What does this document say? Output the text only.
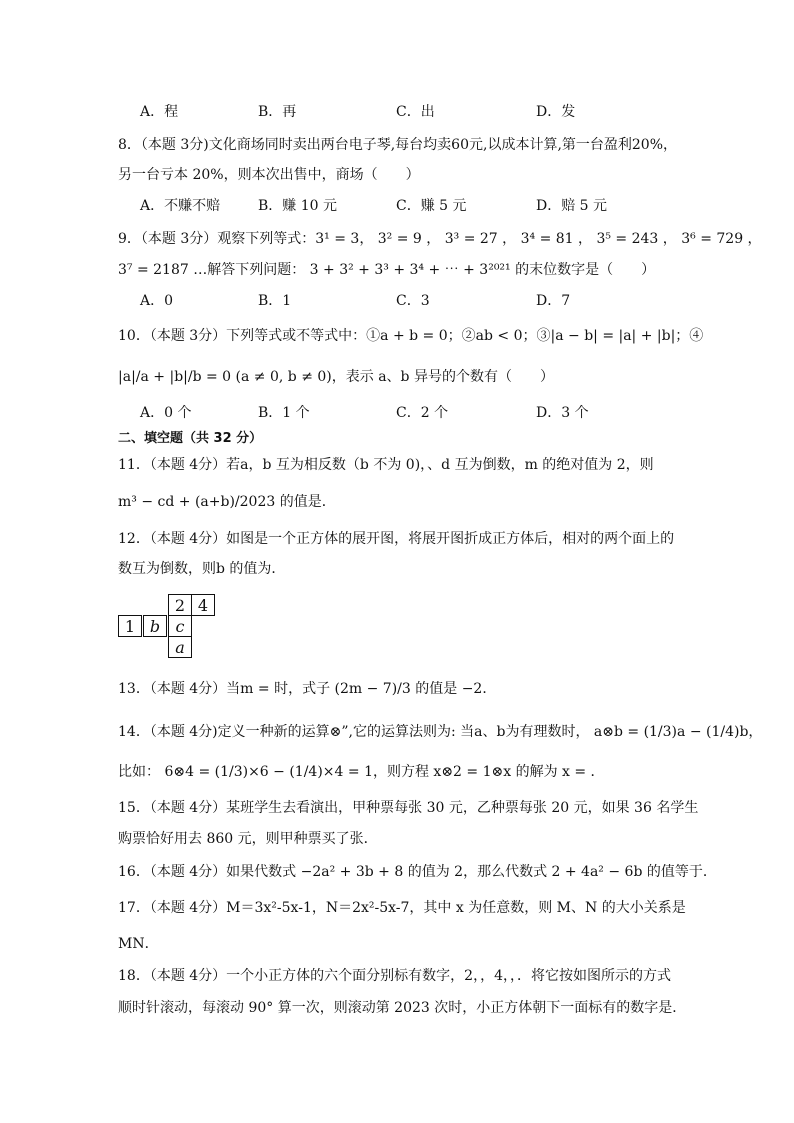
A．程	B．再	C．出	D．发
8．（本题 3分)文化商场同时卖出两台电子琴,每台均卖60元,以成本计算,第一台盈利20%，
另一台亏本 20%，则本次出售中，商场（　　）
A．不赚不赔	B．赚 10 元	C．赚 5 元	D．赔 5 元
9．（本题 3分）观察下列等式：3¹ = 3， 3² = 9 ， 3³ = 27 ， 3⁴ = 81 ， 3⁵ = 243 ， 3⁶ = 729 ，
3⁷ = 2187 …解答下列问题： 3 + 3² + 3³ + 3⁴ + ⋯ + 3²⁰²¹ 的末位数字是（　　）
A．0	B．1	C．3	D．7
10．（本题 3分）下列等式或不等式中：①a + b = 0；②ab < 0；③|a − b| = |a| + |b|；④
|a|/a + |b|/b = 0 (a ≠ 0, b ≠ 0)，表示 a、b 异号的个数有（　　）
A．0 个	B．1 个	C．2 个	D．3 个
二、填空题（共 32 分）
11．（本题 4分）若a，b 互为相反数（b 不为 0)，、d 互为倒数，m 的绝对值为 2，则
m³ − cd + (a+b)/2023 的值是．
12．（本题 4分）如图是一个正方体的展开图，将展开图折成正方体后，相对的两个面上的
数互为倒数，则b 的值为．
2 4
1 b c
a
13．（本题 4分）当m = 时，式子 (2m − 7)/3 的值是 −2．
14．（本题 4分)定义一种新的运算⊗”,它的运算法则为: 当a、b为有理数时， a⊗b = (1/3)a − (1/4)b，
比如： 6⊗4 = (1/3)×6 − (1/4)×4 = 1，则方程 x⊗2 = 1⊗x 的解为 x = ．
15．（本题 4分）某班学生去看演出，甲种票每张 30 元，乙种票每张 20 元，如果 36 名学生
购票恰好用去 860 元，则甲种票买了张．
16．（本题 4分）如果代数式 −2a² + 3b + 8 的值为 2，那么代数式 2 + 4a² − 6b 的值等于．
17．（本题 4分）M＝3x²-5x-1，N＝2x²-5x-7，其中 x 为任意数，则 M、N 的大小关系是
MN．
18．（本题 4分）一个小正方体的六个面分别标有数字，2，，4，，．将它按如图所示的方式
顺时针滚动，每滚动 90° 算一次，则滚动第 2023 次时，小正方体朝下一面标有的数字是．
